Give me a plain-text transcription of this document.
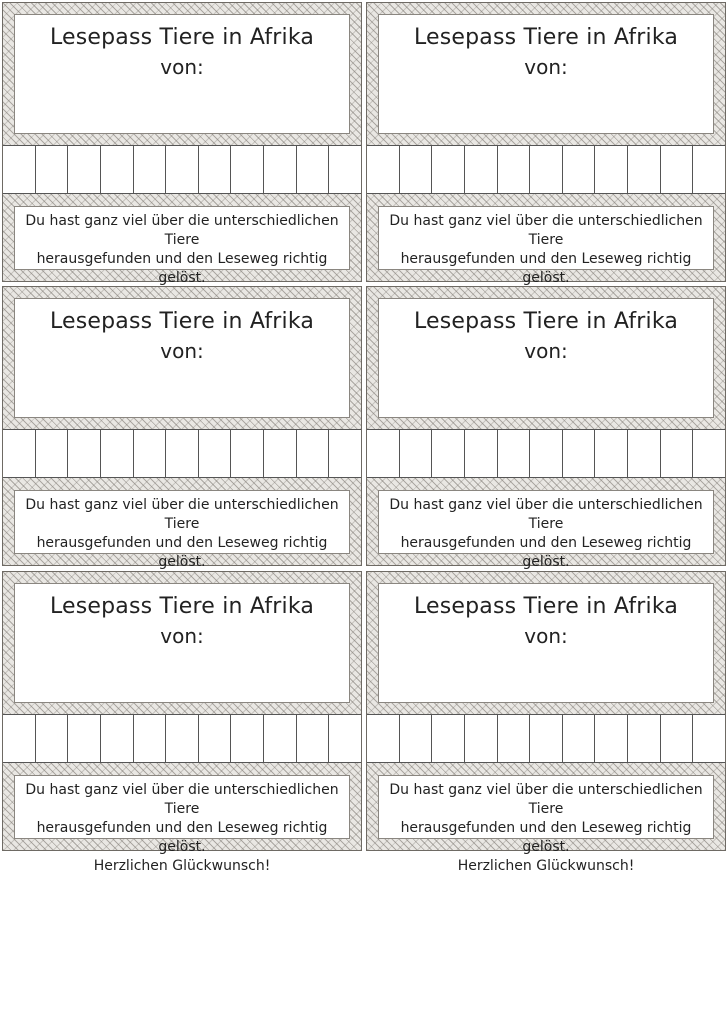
Lesepass Tiere in Afrika
von:
Du hast ganz viel über die unterschiedlichen Tiere
herausgefunden und den Leseweg richtig gelöst.
Lesepass Tiere in Afrika
von:
Du hast ganz viel über die unterschiedlichen Tiere
herausgefunden und den Leseweg richtig gelöst.
Lesepass Tiere in Afrika
von:
Du hast ganz viel über die unterschiedlichen Tiere
herausgefunden und den Leseweg richtig gelöst.
Lesepass Tiere in Afrika
von:
Du hast ganz viel über die unterschiedlichen Tiere
herausgefunden und den Leseweg richtig gelöst.
Lesepass Tiere in Afrika
von:
Du hast ganz viel über die unterschiedlichen Tiere
herausgefunden und den Leseweg richtig gelöst.
Herzlichen Glückwunsch!
Lesepass Tiere in Afrika
von:
Du hast ganz viel über die unterschiedlichen Tiere
herausgefunden und den Leseweg richtig gelöst.
Herzlichen Glückwunsch!
